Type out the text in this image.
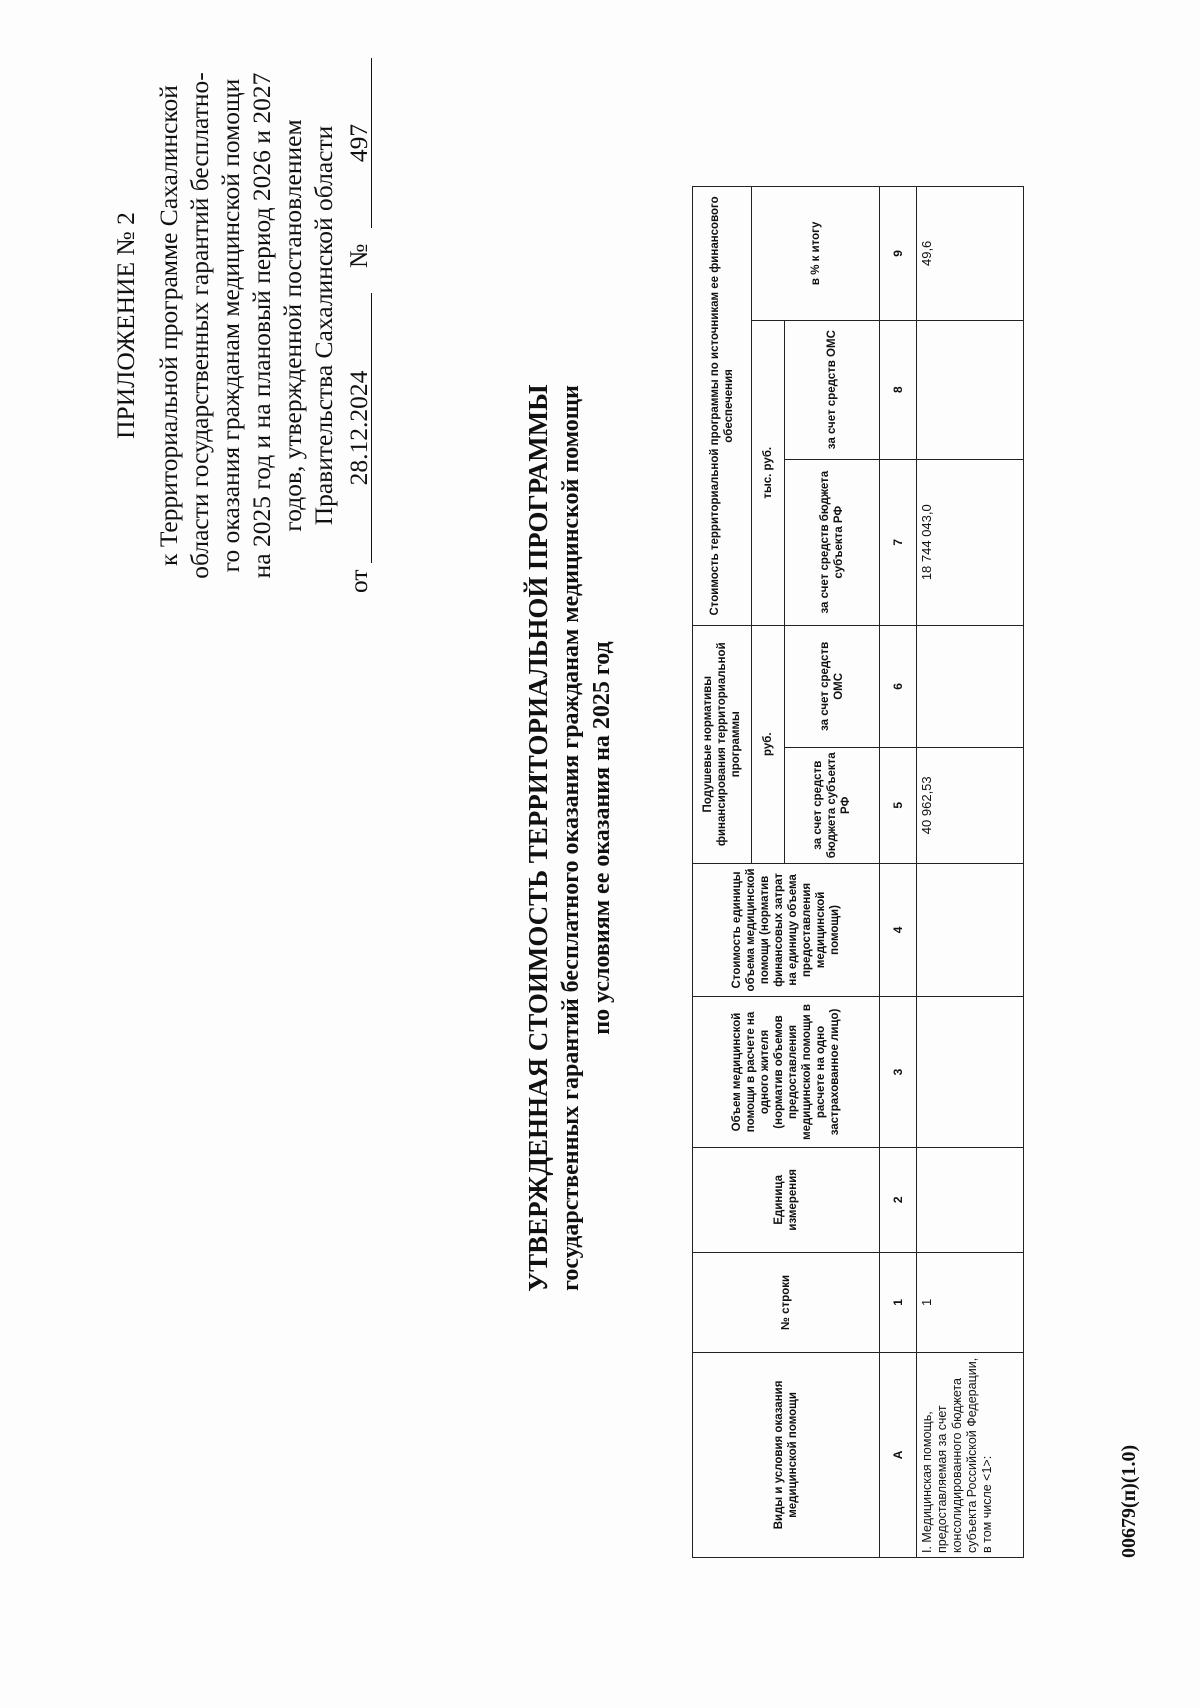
ПРИЛОЖЕНИЕ № 2 к Территориальной программе Сахалинской области государственных гарантий бесплатно- го оказания гражданам медицинской помощи на 2025 год и на плановый период 2026 и 2027 годов, утвержденной постановлением Правительства Сахалинской области
от
28.12.2024
№
497
УТВЕРЖДЕННАЯ СТОИМОСТЬ ТЕРРИТОРИАЛЬНОЙ ПРОГРАММЫ государственных гарантий бесплатного оказания гражданам медицинской помощи по условиям ее оказания на 2025 год
Виды и условия оказания медицинской помощи	№ строки	Единица измерения	Объем медицинской помощи в расчете на одного жителя (норматив объемов предоставления медицинской помощи в расчете на одно застрахованное лицо)	Стоимость единицы объема медицинской помощи (норматив финансовых затрат на единицу объема предоставления медицинской помощи)	Подушевые нормативы финансирования территориальной программы		Стоимость территориальной программы по источникам ее финансового обеспечения		
					руб.		тыс. руб.		в % к итогу
					за счет средств бюджета субъекта РФ	за счет средств ОМС	за счет средств бюджета субъекта РФ	за счет средств ОМС	
А	1	2	3	4	5	6	7	8	9
I. Медицинская помощь, предоставляемая за счет консолидированного бюджета субъекта Российской Федерации, в том числе <1>:	1				40 962,53		18 744 043,0		49,6
00679(п)(1.0)
